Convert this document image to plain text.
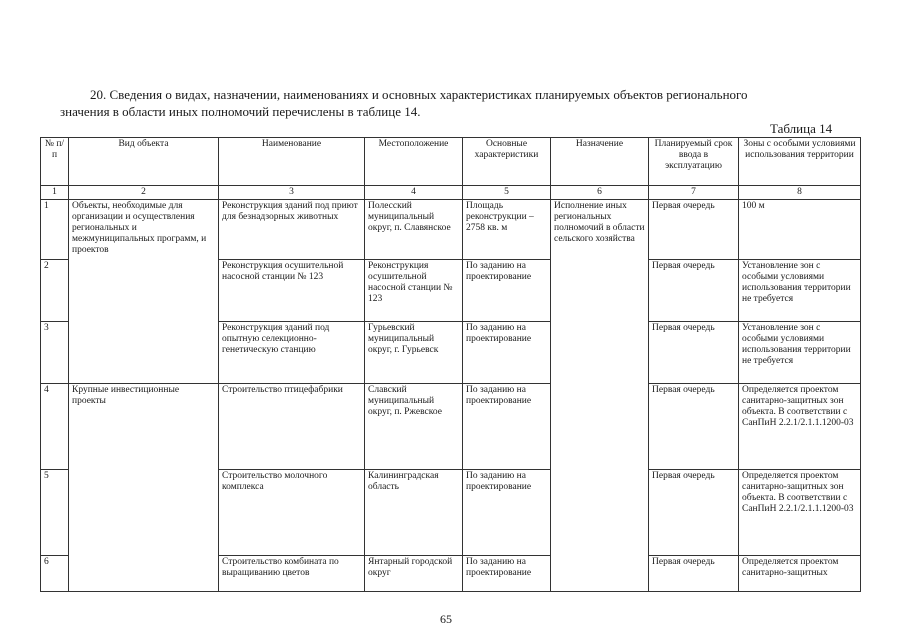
20. Сведения о видах, назначении, наименованиях и основных характеристиках планируемых объектов регионального
значения в области иных полномочий перечислены в таблице 14.
Таблица 14
№ п/п	Вид объекта	Наименование	Местоположение	Основные характеристики	Назначение	Планируемый срок ввода в эксплуатацию	Зоны с особыми условиями использования территории
1	2	3	4	5	6	7	8
1	Объекты, необходимые для организации и осуществления региональных и межмуниципальных программ, и проектов	Реконструкция зданий под приют для безнадзорных животных	Полесский муниципальный округ, п. Славянское	Площадь реконструкции – 2758 кв. м	Исполнение иных региональных полномочий в области сельского хозяйства	Первая очередь	100 м
2		Реконструкция осушительной насосной станции № 123	Реконструкция осушительной насосной станции № 123	По заданию на проектирование		Первая очередь	Установление зон с особыми условиями использования территории не требуется
3		Реконструкция зданий под опытную селекционно-генетическую станцию	Гурьевский муниципальный округ, г. Гурьевск	По заданию на проектирование		Первая очередь	Установление зон с особыми условиями использования территории не требуется
4	Крупные инвестиционные проекты	Строительство птицефабрики	Славский муниципальный округ, п. Ржевское	По заданию на проектирование		Первая очередь	Определяется проектом санитарно-защитных зон объекта. В соответствии с СанПиН 2.2.1/2.1.1.1200-03
5		Строительство молочного комплекса	Калининградская область	По заданию на проектирование		Первая очередь	Определяется проектом санитарно-защитных зон объекта. В соответствии с СанПиН 2.2.1/2.1.1.1200-03
6		Строительство комбината по выращиванию цветов	Янтарный городской округ	По заданию на проектирование		Первая очередь	Определяется проектом санитарно-защитных
65
